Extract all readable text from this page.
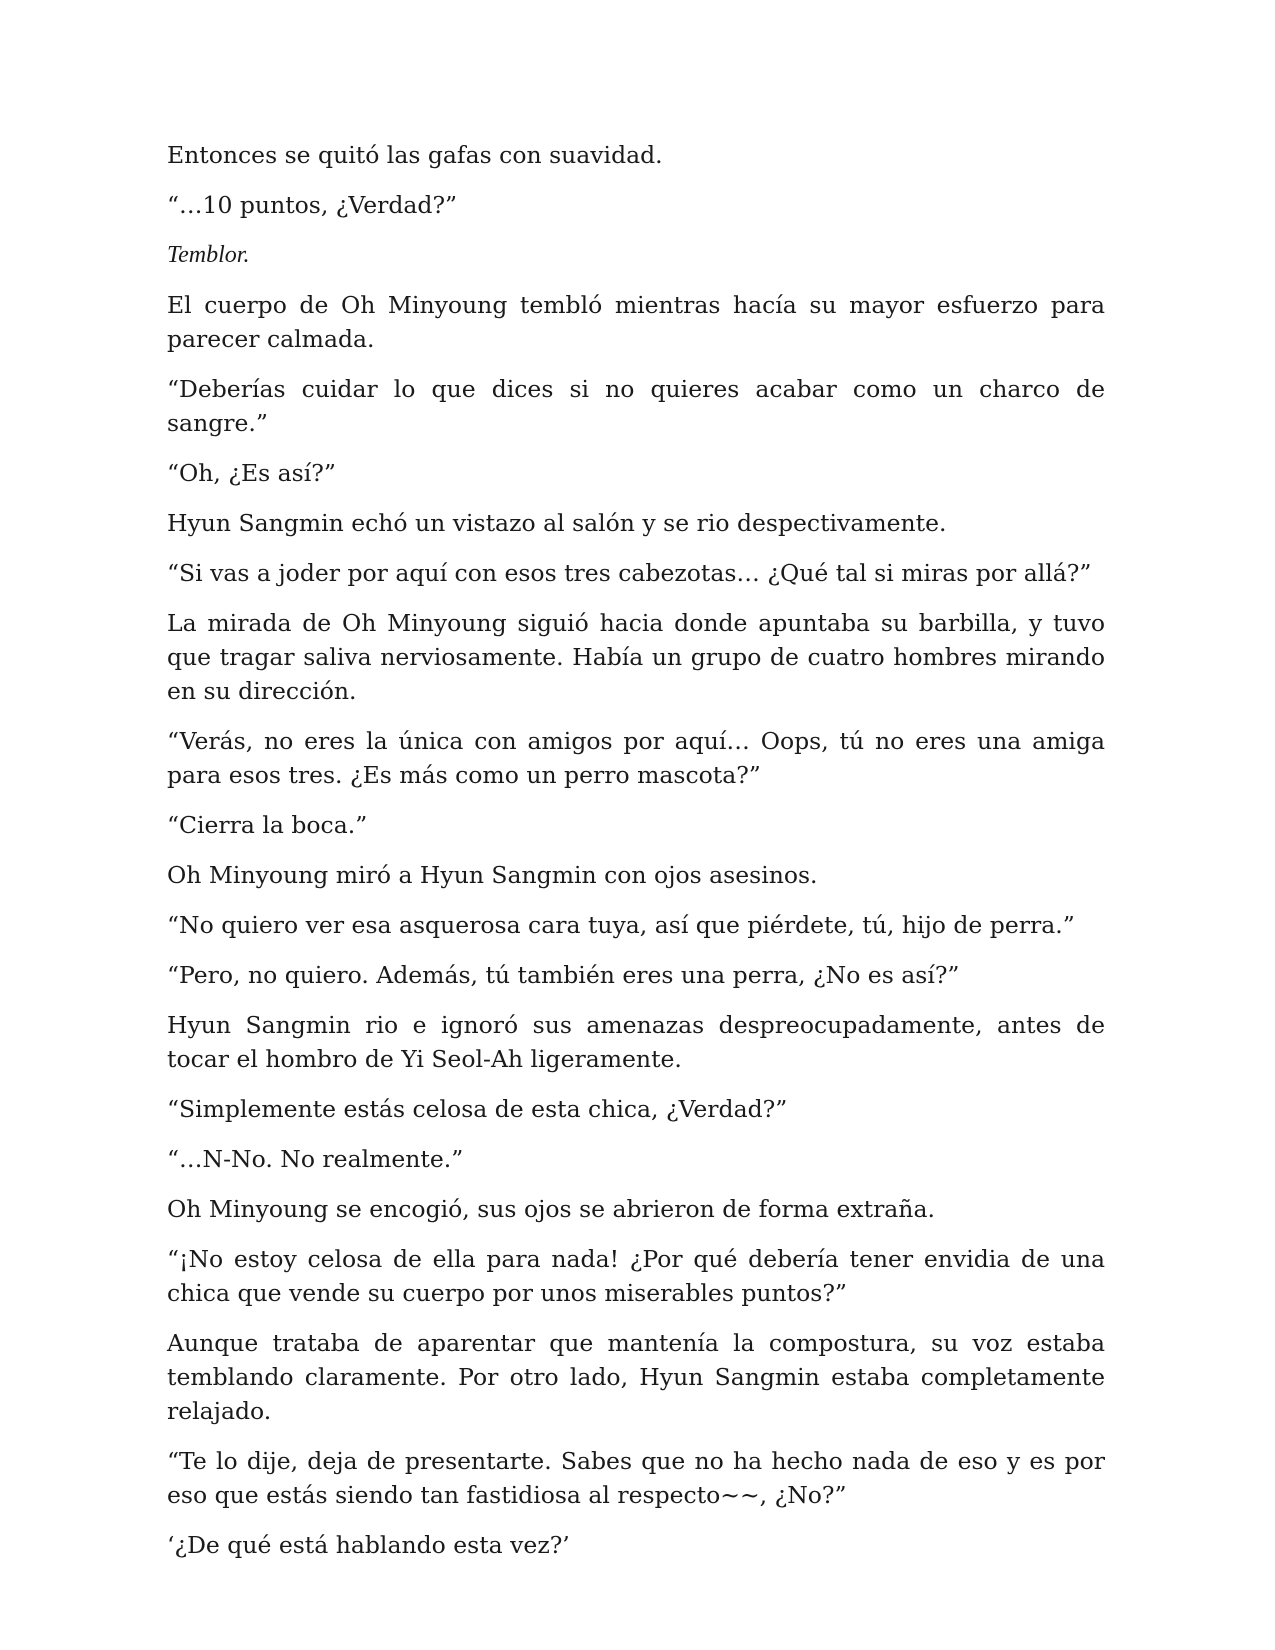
Entonces se quitó las gafas con suavidad.

“…10 puntos, ¿Verdad?”

Temblor.

El cuerpo de Oh Minyoung tembló mientras hacía su mayor esfuerzo para parecer calmada.

“Deberías cuidar lo que dices si no quieres acabar como un charco de sangre.”

“Oh, ¿Es así?”

Hyun Sangmin echó un vistazo al salón y se rio despectivamente.

“Si vas a joder por aquí con esos tres cabezotas… ¿Qué tal si miras por allá?”

La mirada de Oh Minyoung siguió hacia donde apuntaba su barbilla, y tuvo que tragar saliva nerviosamente. Había un grupo de cuatro hombres mirando en su dirección.

“Verás, no eres la única con amigos por aquí… Oops, tú no eres una amiga para esos tres. ¿Es más como un perro mascota?”

“Cierra la boca.”

Oh Minyoung miró a Hyun Sangmin con ojos asesinos.

“No quiero ver esa asquerosa cara tuya, así que piérdete, tú, hijo de perra.”

“Pero, no quiero. Además, tú también eres una perra, ¿No es así?”

Hyun Sangmin rio e ignoró sus amenazas despreocupadamente, antes de tocar el hombro de Yi Seol-Ah ligeramente.

“Simplemente estás celosa de esta chica, ¿Verdad?”

“…N-No. No realmente.”

Oh Minyoung se encogió, sus ojos se abrieron de forma extraña.

“¡No estoy celosa de ella para nada! ¿Por qué debería tener envidia de una chica que vende su cuerpo por unos miserables puntos?”

Aunque trataba de aparentar que mantenía la compostura, su voz estaba temblando claramente. Por otro lado, Hyun Sangmin estaba completamente relajado.

“Te lo dije, deja de presentarte. Sabes que no ha hecho nada de eso y es por eso que estás siendo tan fastidiosa al respecto~~, ¿No?”

‘¿De qué está hablando esta vez?’
